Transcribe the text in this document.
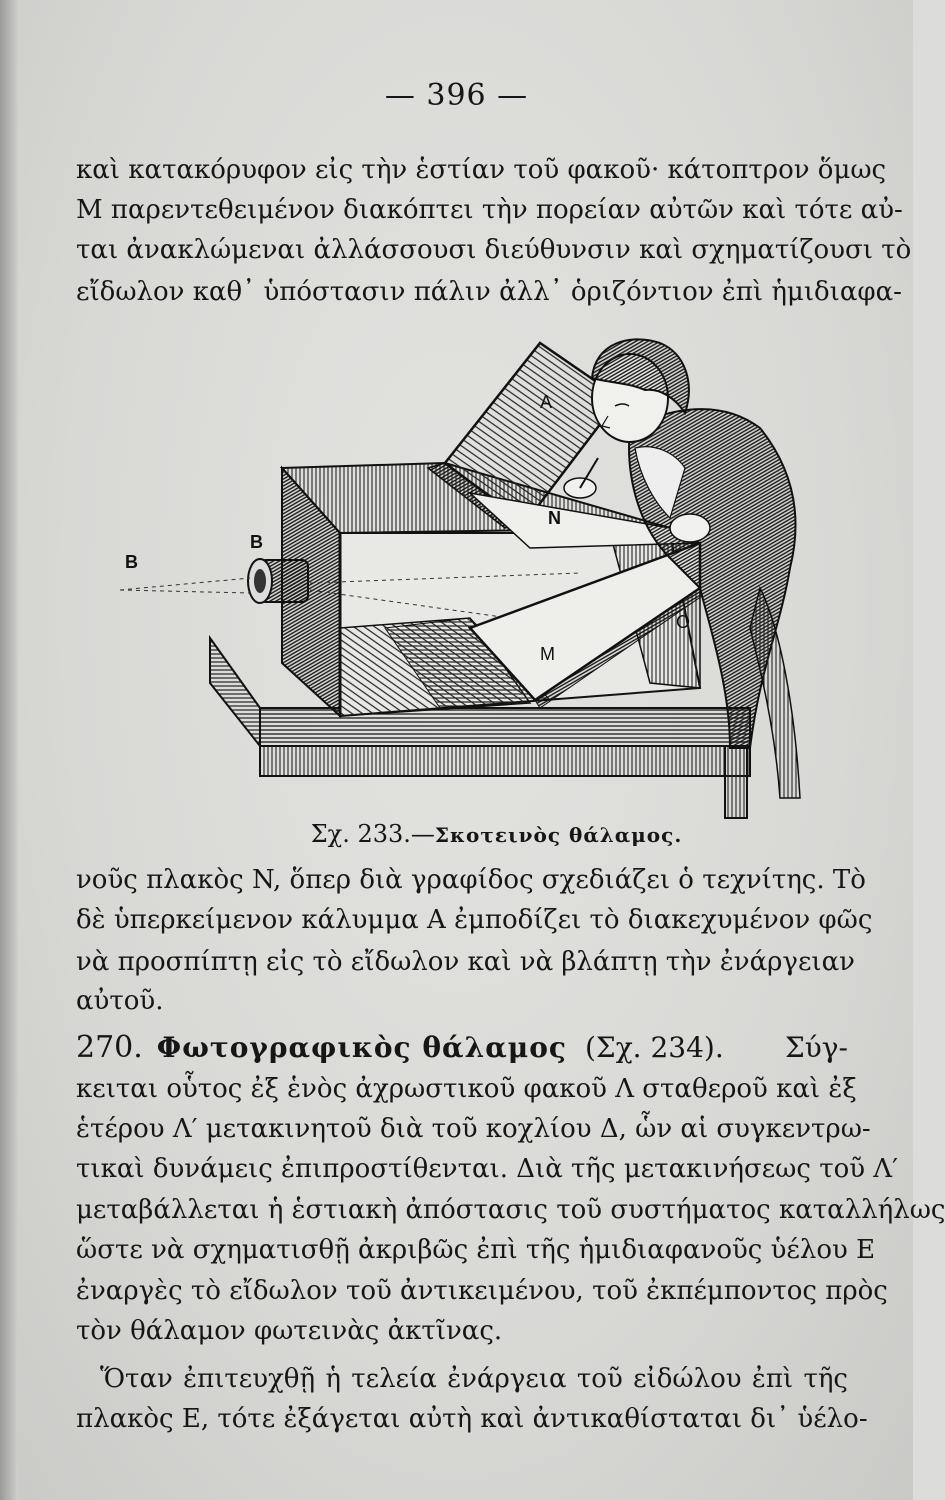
— 396 —
καὶ κατακόρυφον εἰς τὴν ἑστίαν τοῦ φακοῦ· κάτοπτρον ὅμως
M παρεντεθειμένον διακόπτει τὴν πορείαν αὐτῶν καὶ τότε αὐ-
ται ἀνακλώμεναι ἀλλάσσουσι διεύθυνσιν καὶ σχηματίζουσι τὸ
εἴδωλον καθ᾽ ὑπόστασιν πάλιν ἀλλ᾽ ὁριζόντιον ἐπὶ ἡμιδιαφα-
A
B
B
N
M
O
Σχ. 233.—Σκοτεινὸς θάλαμος.
νοῦς πλακὸς N, ὅπερ διὰ γραφίδος σχεδιάζει ὁ τεχνίτης. Τὸ
δὲ ὑπερκείμενον κάλυμμα A ἐμποδίζει τὸ διακεχυμένον φῶς
νὰ προσπίπτῃ εἰς τὸ εἴδωλον καὶ νὰ βλάπτῃ τὴν ἐνάργειαν
αὐτοῦ.
270. Φωτογραφικὸς θάλαμος (Σχ. 234). Σύγ-
κειται οὗτος ἐξ ἑνὸς ἀχρωστικοῦ φακοῦ Λ σταθεροῦ καὶ ἐξ
ἑτέρου Λ′ μετακινητοῦ διὰ τοῦ κοχλίου Δ, ὧν αἱ συγκεντρω-
τικαὶ δυνάμεις ἐπιπροστίθενται. Διὰ τῆς μετακινήσεως τοῦ Λ′
μεταβάλλεται ἡ ἑστιακὴ ἀπόστασις τοῦ συστήματος καταλλήλως
ὥστε νὰ σχηματισθῇ ἀκριβῶς ἐπὶ τῆς ἡμιδιαφανοῦς ὑέλου E
ἐναργὲς τὸ εἴδωλον τοῦ ἀντικειμένου, τοῦ ἐκπέμποντος πρὸς
τὸν θάλαμον φωτεινὰς ἀκτῖνας.
Ὅταν ἐπιτευχθῇ ἡ τελεία ἐνάργεια τοῦ εἰδώλου ἐπὶ τῆς
πλακὸς E, τότε ἐξάγεται αὐτὴ καὶ ἀντικαθίσταται δι᾽ ὑέλο-
